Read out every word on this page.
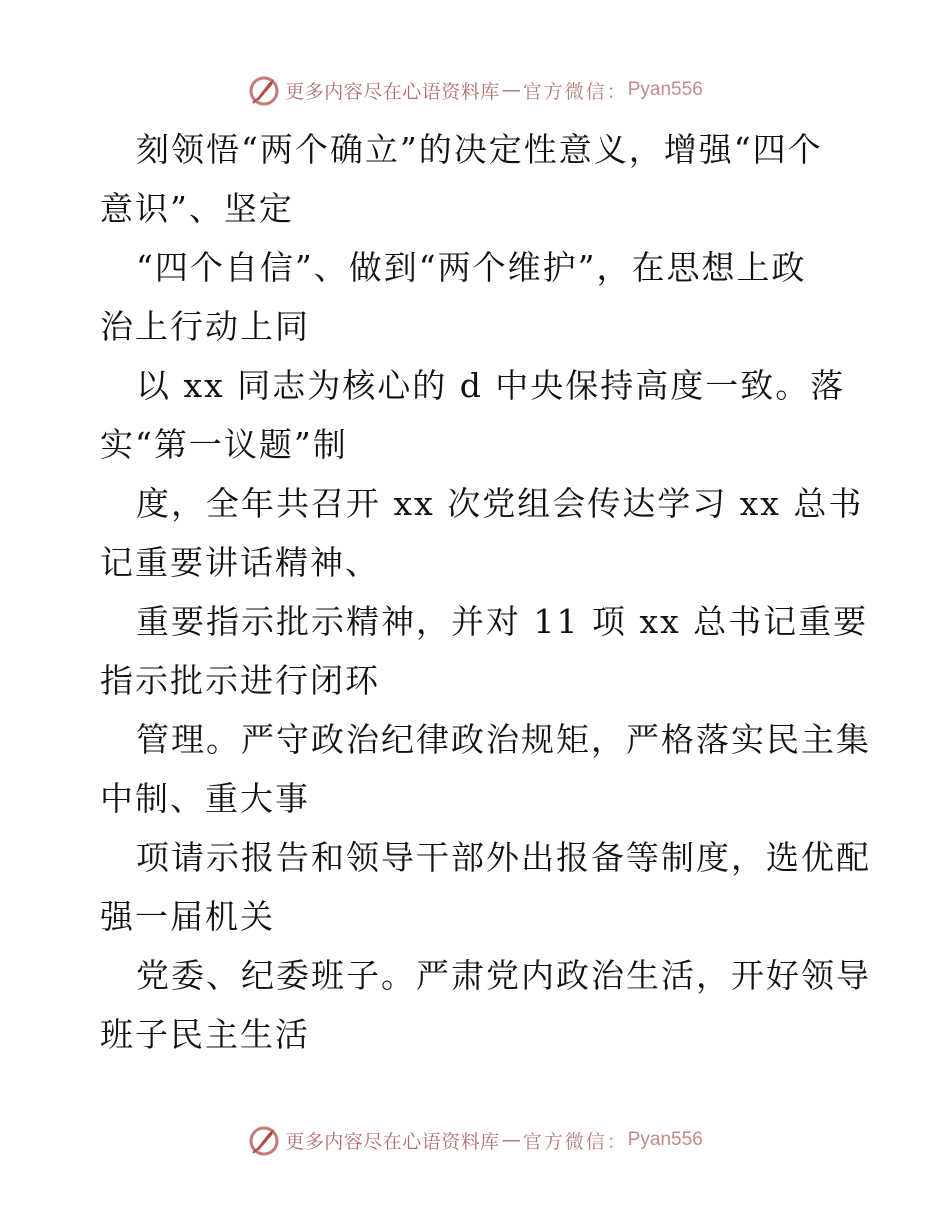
更多内容尽在心语资料库 — 官方微信： Pyan556
刻领悟“两个确立”的决定性意义，增强“四个
意识”、坚定
“四个自信”、做到“两个维护”，在思想上政
治上行动上同
以 xx 同志为核心的 d 中央保持高度一致。落
实“第一议题”制
度，全年共召开 xx 次党组会传达学习 xx 总书
记重要讲话精神、
重要指示批示精神，并对 11 项 xx 总书记重要
指示批示进行闭环
管理。严守政治纪律政治规矩，严格落实民主集
中制、重大事
项请示报告和领导干部外出报备等制度，选优配
强一届机关
党委、纪委班子。严肃党内政治生活，开好领导
班子民主生活
更多内容尽在心语资料库 — 官方微信： Pyan556
